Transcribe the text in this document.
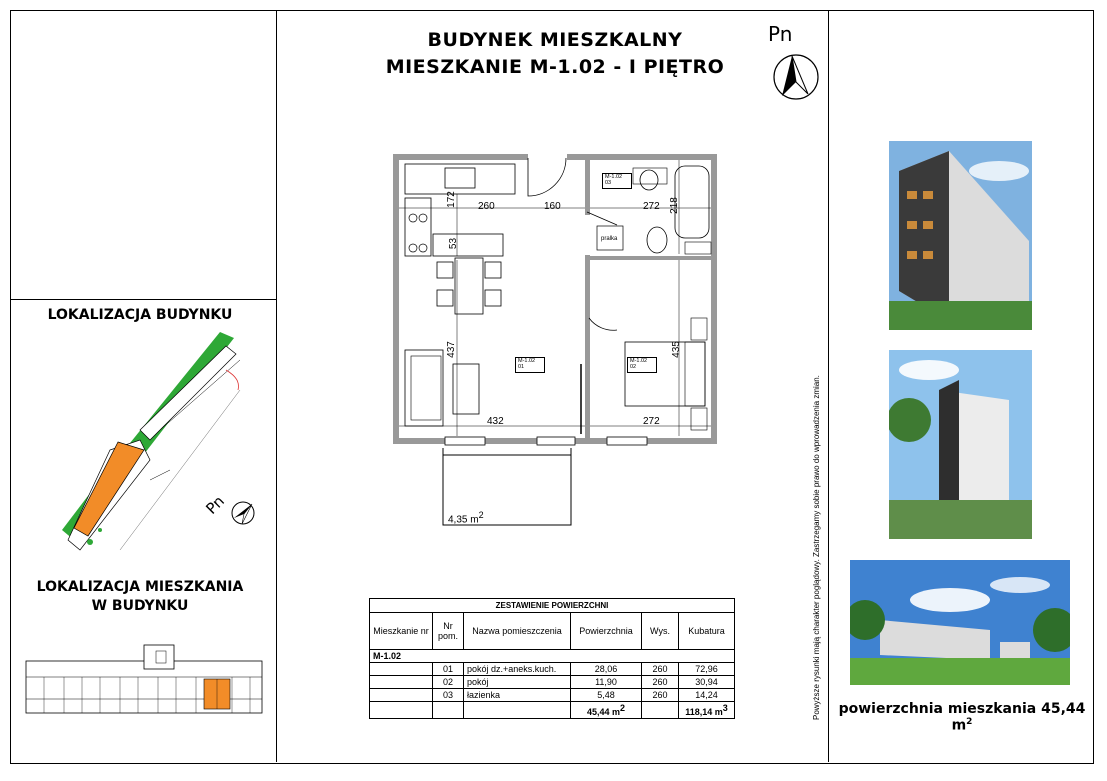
BUDYNEK MIESZKALNY
MIESZKANIE M-1.02 - I PIĘTRO
Pn
LOKALIZACJA BUDYNKU
Pn
LOKALIZACJA MIESZKANIA
W BUDYNKU
M-1.02
01
M-1.02
02
M-1.02
03
pralka
260	160	272 218
172
53
437	435
432	272
4,35 m2
ZESTAWIENIE POWIERZCHNI					
Mieszkanie nr	Nr pom.	Nazwa pomieszczenia	Powierzchnia	Wys.	Kubatura
M-1.02					
	01	pokój dz.+aneks.kuch.	28,06	260	72,96
	02	pokój	11,90	260	30,94
	03	łazienka	5,48	260	14,24
			45,44 m2		118,14 m3	Powyższe rysunki mają charakter poglądowy. Zastrzegamy sobie prawo do wprowadzenia zmian.	powierzchnia mieszkania 45,44 $m^2$
